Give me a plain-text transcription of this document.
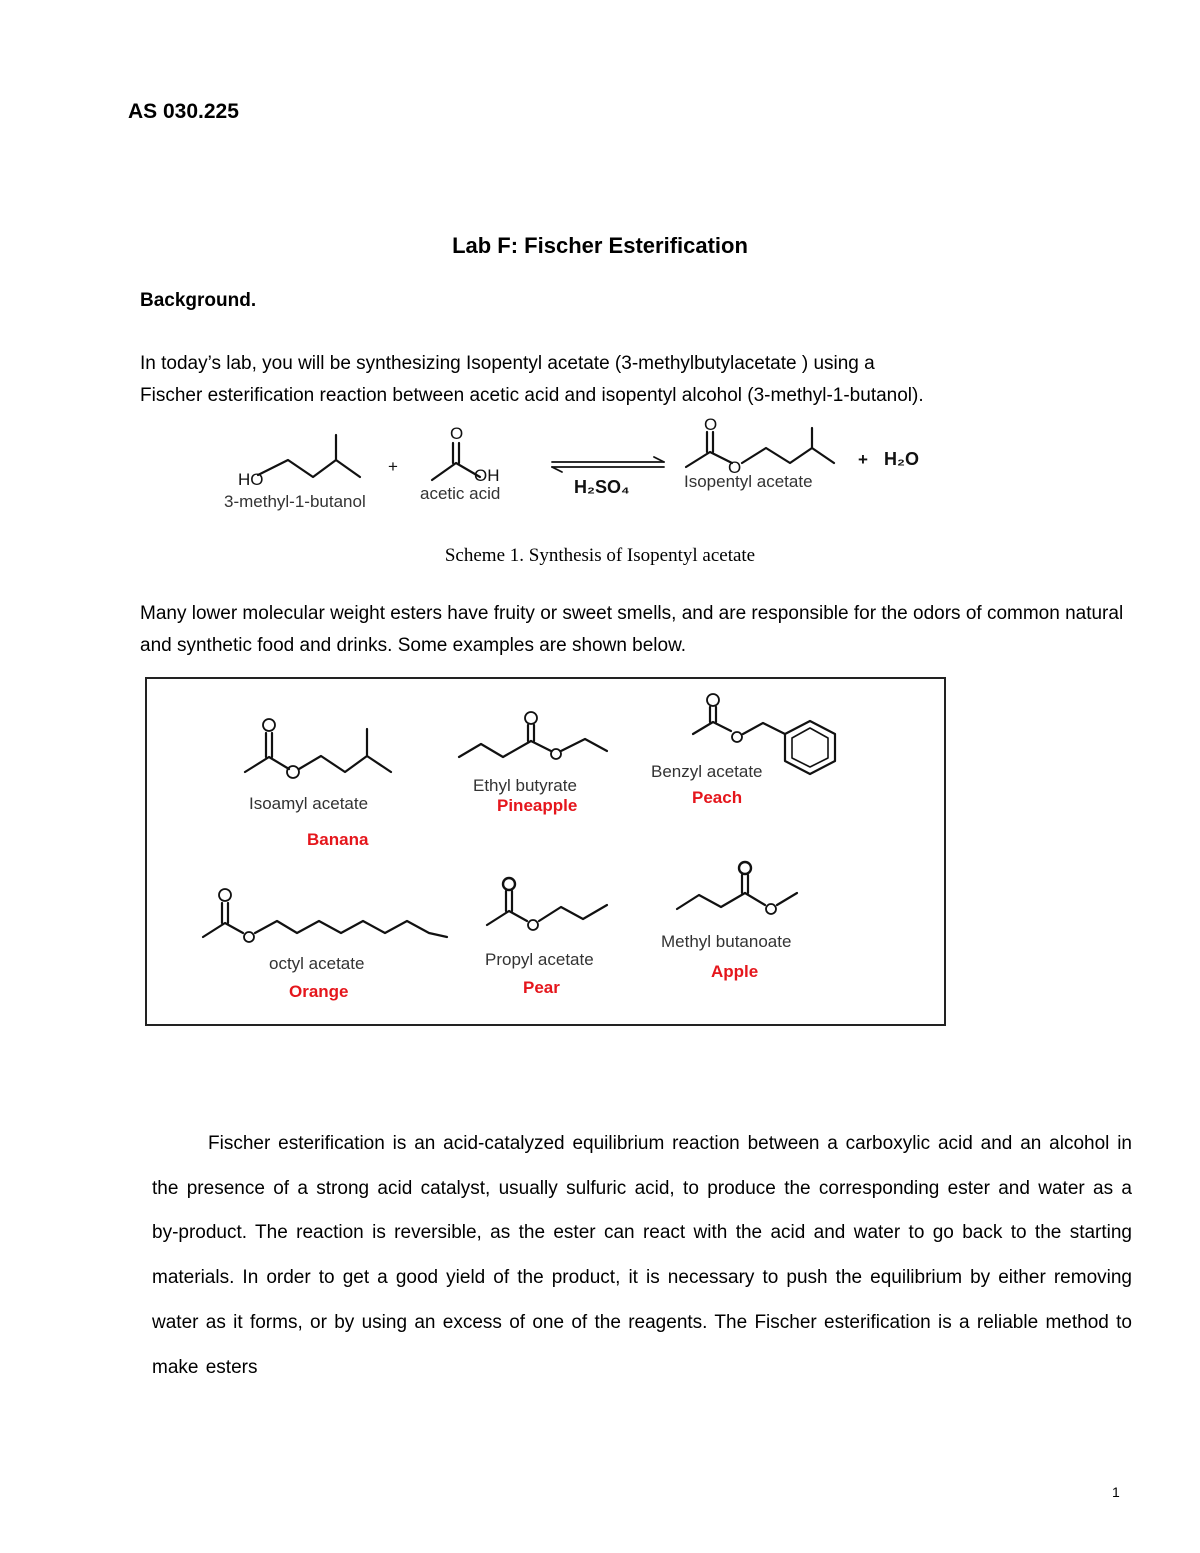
AS 030.225
Lab F: Fischer Esterification
Background.
In today’s lab, you will be synthesizing Isopentyl acetate (3-methylbutylacetate ) using a
Fischer esterification reaction between acetic acid and isopentyl alcohol (3-methyl-1-butanol).
HO
3-methyl-1-butanol
+
O
OH
acetic acid	H₂SO₄
O
O
Isopentyl acetate
+ H₂O
Scheme 1. Synthesis of Isopentyl acetate
Many lower molecular weight esters have fruity or sweet smells, and are responsible for the odors of common natural and synthetic food and drinks. Some examples are shown below.
Isoamyl acetate
Banana
Ethyl butyrate
Pineapple
Benzyl acetate
Peach
octyl acetate
Orange
Propyl acetate
Pear
Methyl butanoate
Apple
Fischer esterification is an acid-catalyzed equilibrium reaction between a carboxylic acid and an alcohol in the presence of a strong acid catalyst, usually sulfuric acid, to produce the corresponding ester and water as a by-product. The reaction is reversible, as the ester can react with the acid and water to go back to the starting materials. In order to get a good yield of the product, it is necessary to push the equilibrium by either removing water as it forms, or by using an excess of one of the reagents. The Fischer esterification is a reliable method to make esters
1
